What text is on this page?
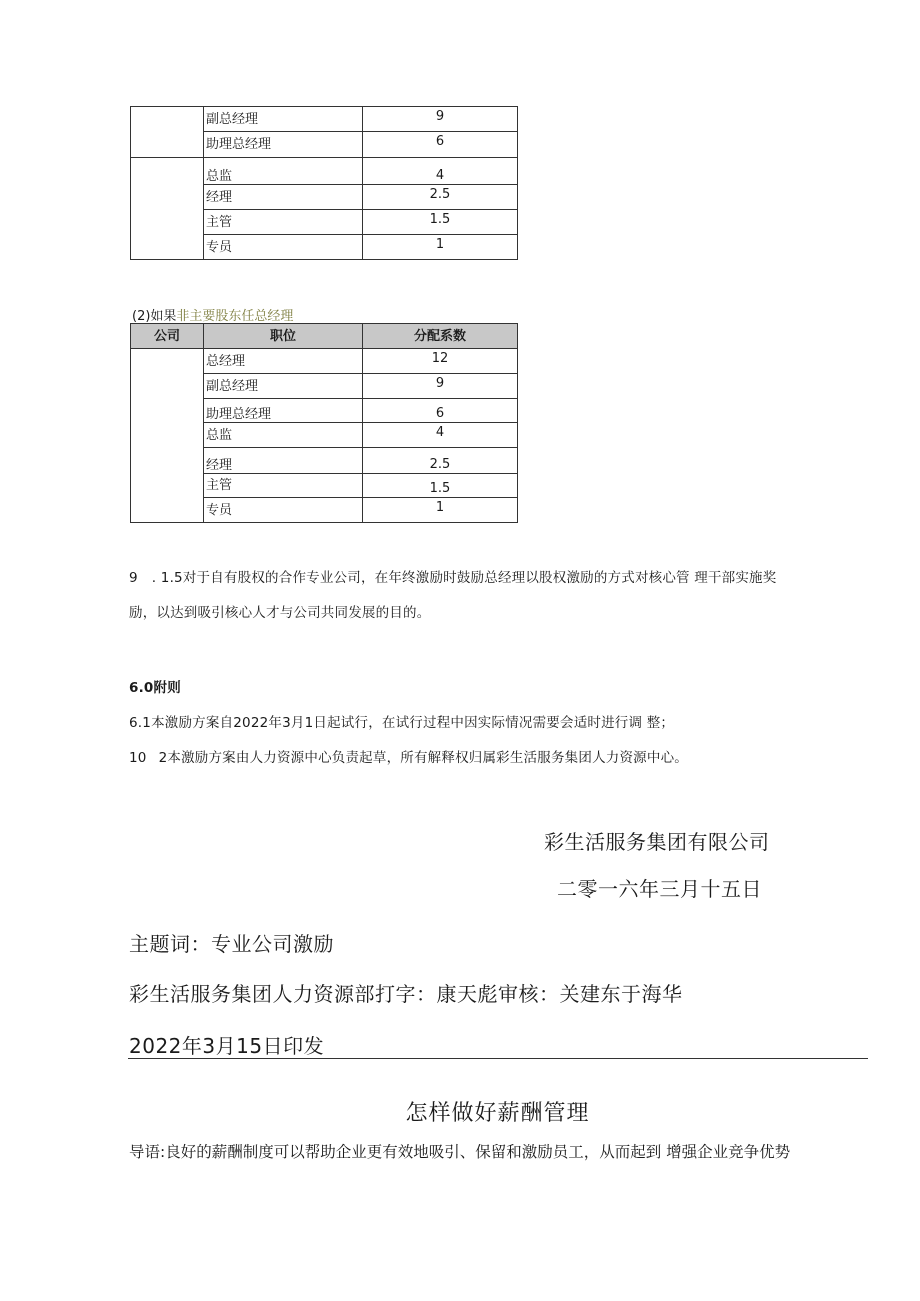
	副总经理	9
	助理总经理	6
	总监	4
	经理	2.5
	主管	1.5
	专员	1
(2)如果非主要股东任总经理
公司	职位	分配系数
	总经理	12
	副总经理	9
	助理总经理	6
	总监	4
	经理	2.5
	主管	1.5
	专员	1
9 . 1.5对于自有股权的合作专业公司，在年终激励时鼓励总经理以股权激励的方式对核心管 理干部实施奖
励，以达到吸引核心人才与公司共同发展的目的。
6.0附则
6.1本激励方案自2022年3月1日起试行，在试行过程中因实际情况需要会适时进行调 整；
10 2本激励方案由人力资源中心负责起草，所有解释权归属彩生活服务集团人力资源中心。
彩生活服务集团有限公司
二零一六年三月十五日
主题词：专业公司激励
彩生活服务集团人力资源部打字：康天彪审核：关建东于海华
2022年3月15日印发
怎样做好薪酬管理
导语:良好的薪酬制度可以帮助企业更有效地吸引、保留和激励员工，从而起到 增强企业竞争优势
